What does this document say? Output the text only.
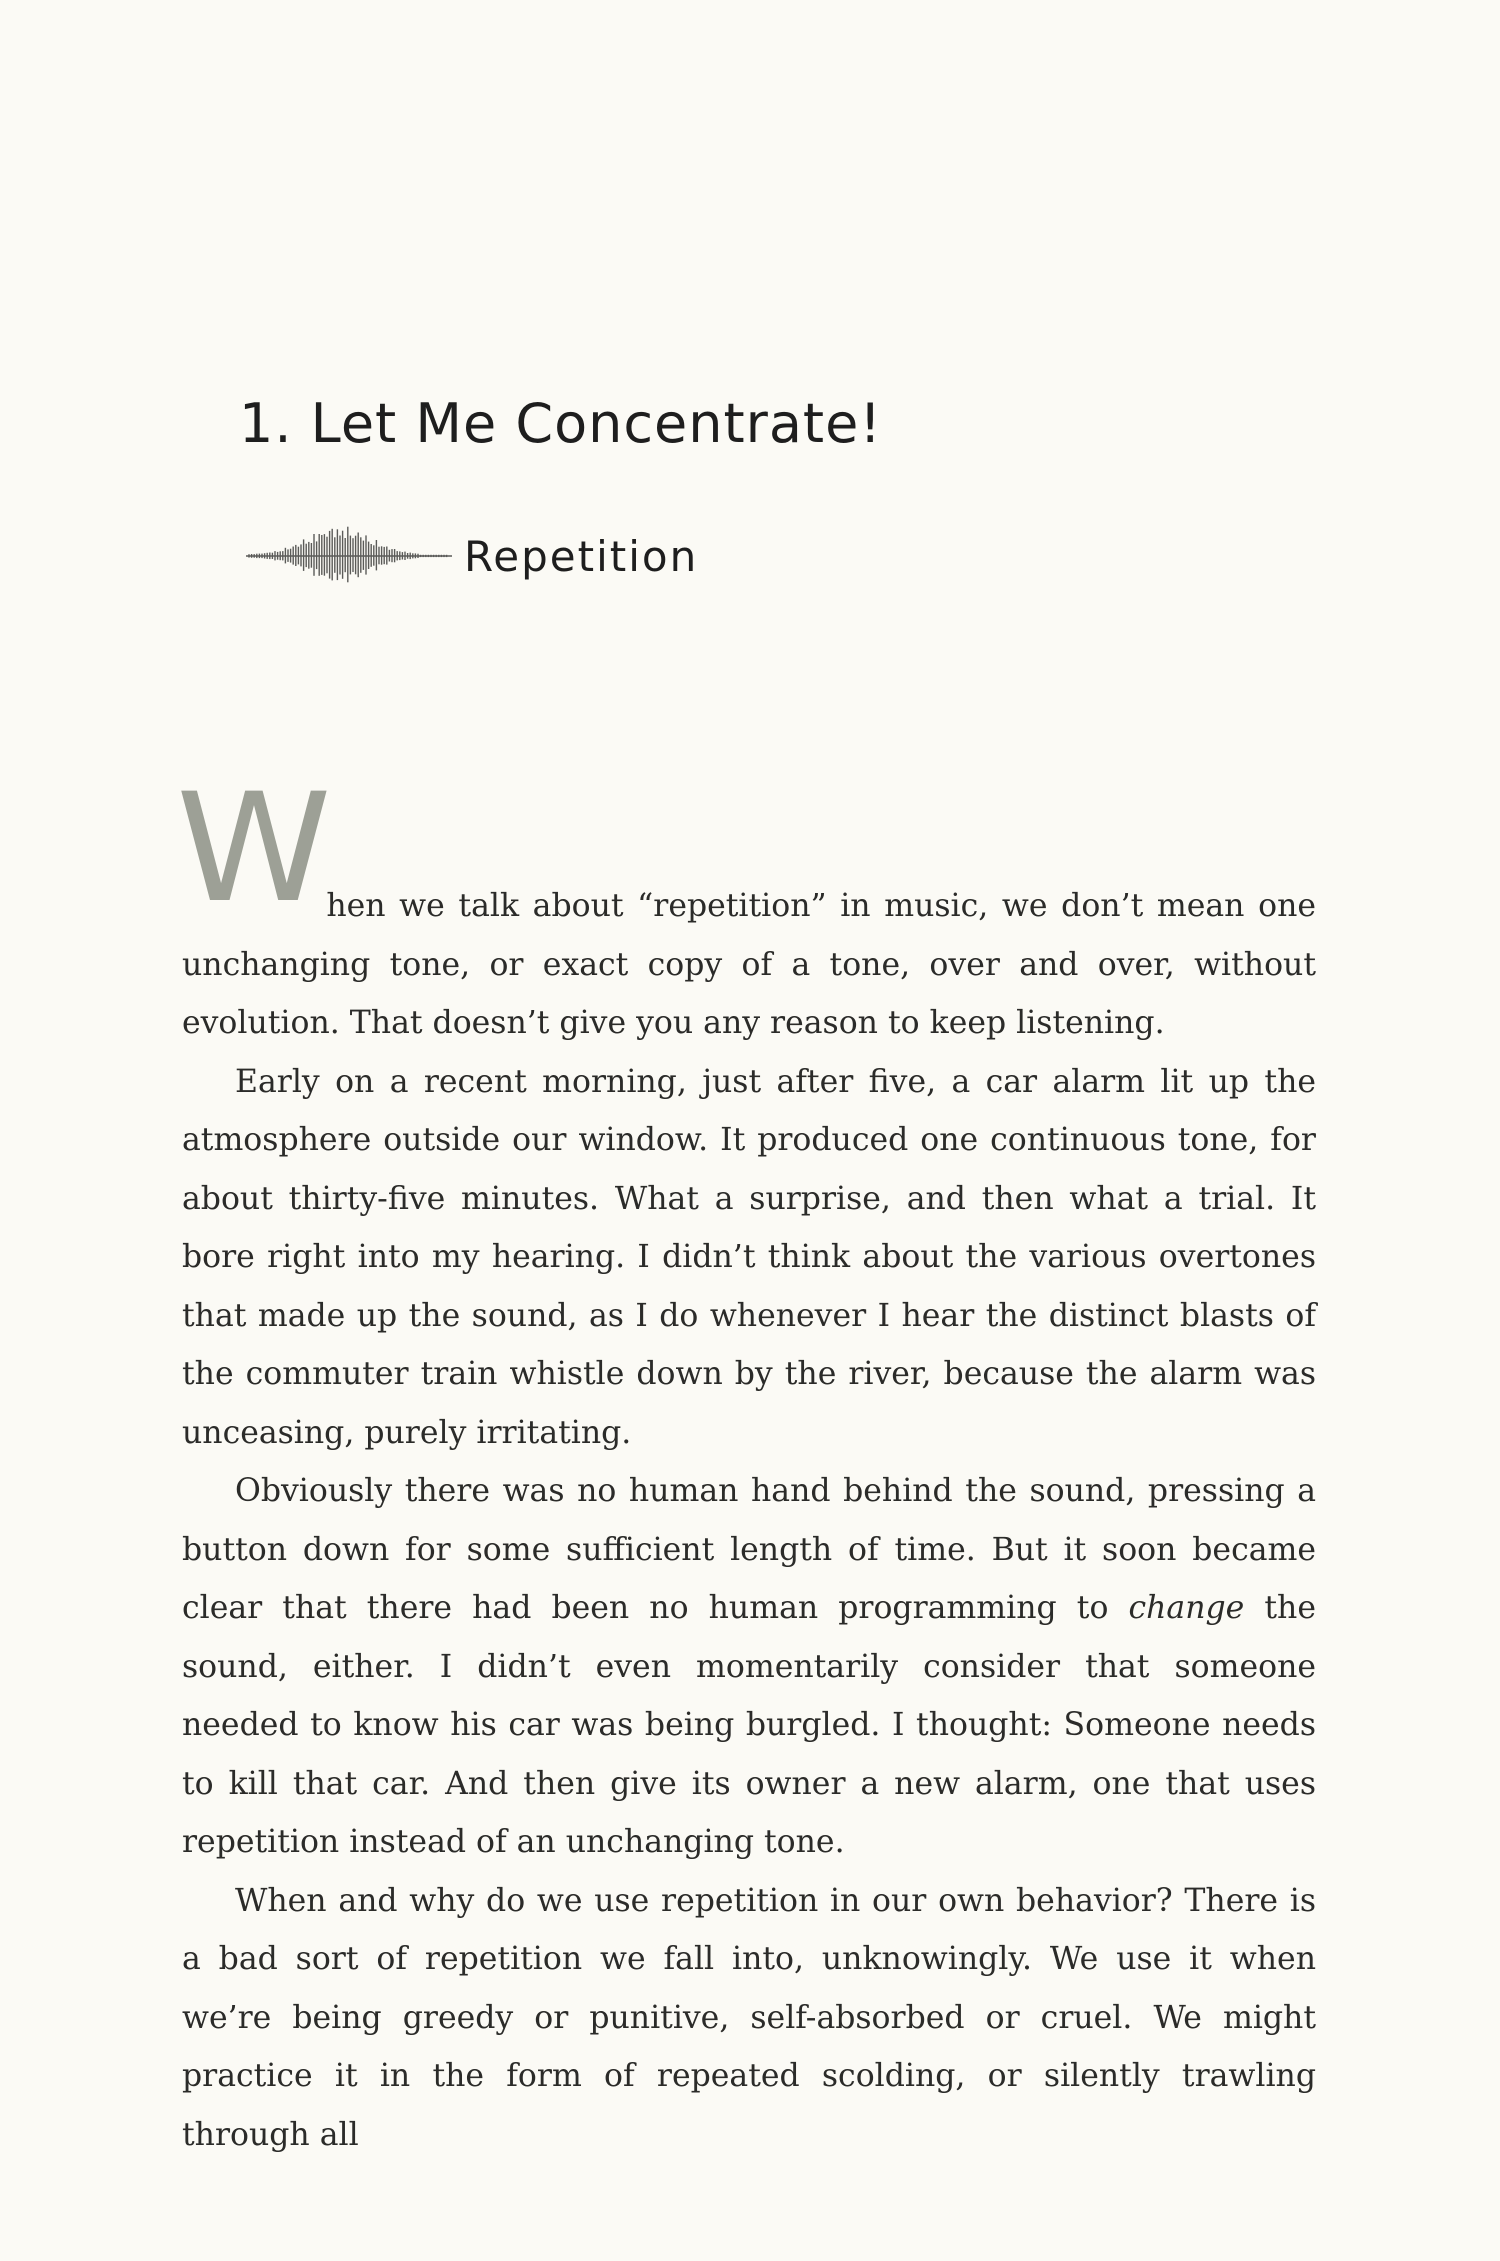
1. Let Me Concentrate!
Repetition

W
hen we talk about “repetition” in music, we don’t mean one unchanging tone, or exact copy of a tone, over and over, without evolution. That doesn’t give you any reason to keep listening.

Early on a recent morning, just after five, a car alarm lit up the atmosphere outside our window. It produced one continuous tone, for about thirty-five minutes. What a surprise, and then what a trial. It bore right into my hearing. I didn’t think about the various overtones that made up the sound, as I do whenever I hear the distinct blasts of the commuter train whistle down by the river, because the alarm was unceasing, purely irritating.

Obviously there was no human hand behind the sound, pressing a button down for some sufficient length of time. But it soon became clear that there had been no human programming to change the sound, either. I didn’t even momentarily consider that someone needed to know his car was being burgled. I thought: Someone needs to kill that car. And then give its owner a new alarm, one that uses repetition instead of an unchanging tone.

When and why do we use repetition in our own behavior? There is a bad sort of repetition we fall into, unknowingly. We use it when we’re being greedy or punitive, self-absorbed or cruel. We might practice it in the form of repeated scolding, or silently trawling through all
